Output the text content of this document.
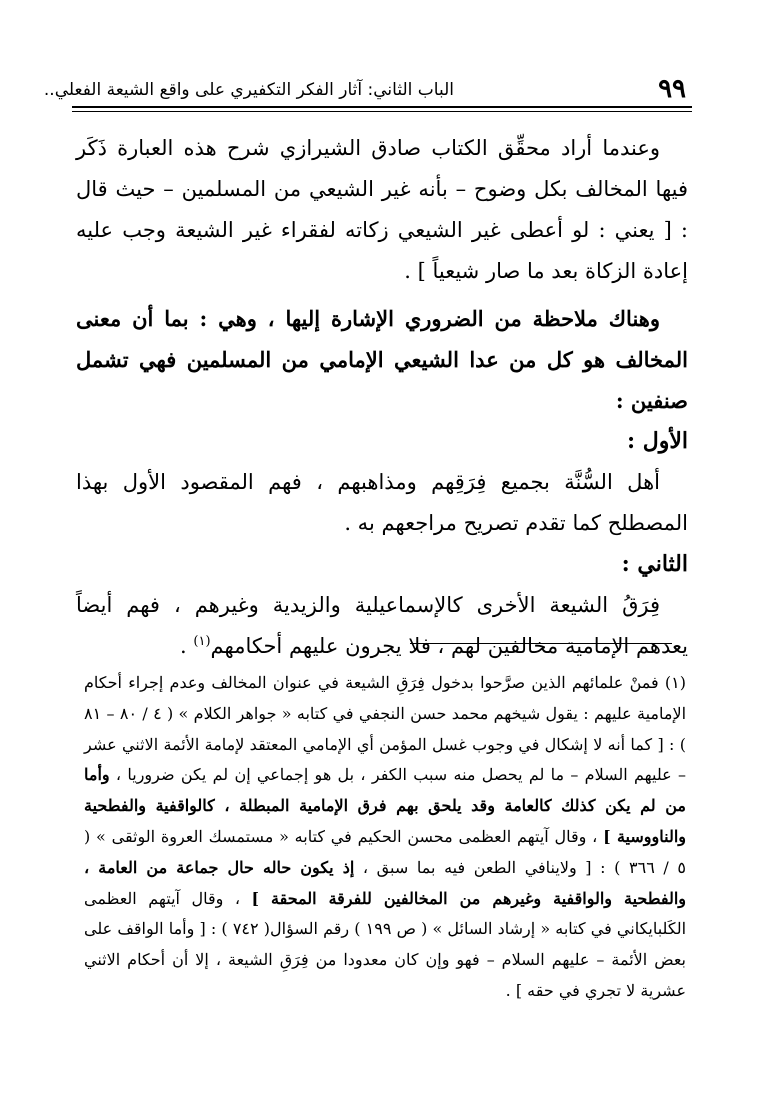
٩٩
الباب الثاني: آثار الفكر التكفيري على واقع الشيعة الفعلي..

وعندما أراد محقِّق الكتاب صادق الشيرازي شرح هذه العبارة ذَكَر فيها المخالف بكل وضوح – بأنه غير الشيعي من المسلمين – حيث قال : [ يعني : لو أعطى غير الشيعي زكاته لفقراء غير الشيعة وجب عليه إعادة الزكاة بعد ما صار شيعياً ] .

وهناك ملاحظة من الضروري الإشارة إليها ، وهي : بما أن معنى المخالف هو كل من عدا الشيعي الإمامي من المسلمين فهي تشمل صنفين :

الأول :

أهل السُّنَّة بجميع فِرَقِهم ومذاهبهم ، فهم المقصود الأول بهذا المصطلح كما تقدم تصريح مراجعهم به .

الثاني :

فِرَقُ الشيعة الأخرى كالإسماعيلية والزيدية وغيرهم ، فهم أيضاً يعدهم الإمامية مخالفين لهم ، فلا يجرون عليهم أحكامهم$^{(١)}$ .

(١) فمنْ علمائهم الذين صرَّحوا بدخول فِرَقِ الشيعة في عنوان المخالف وعدم إجراء أحكام الإمامية عليهم : يقول شيخهم محمد حسن النجفي في كتابه « جواهر الكلام » ( ٤ / ٨٠ – ٨١ ) : [ كما أنه لا إشكال في وجوب غسل المؤمن أي الإمامي المعتقد لإمامة الأئمة الاثني عشر – عليهم السلام – ما لم يحصل منه سبب الكفر ، بل هو إجماعي إن لم يكن ضروريا ، وأما من لم يكن كذلك كالعامة وقد يلحق بهم فرق الإمامية المبطلة ، كالواقفية والفطحية والناووسية ] ، وقال آيتهم العظمى محسن الحكيم في كتابه « مستمسك العروة الوثقى » ( ٥ / ٣٦٦ ) : [ ولاينافي الطعن فيه بما سبق ، إذ يكون حاله حال جماعة من العامة ، والفطحية والواقفية وغيرهم من المخالفين للفرقة المحقة ] ، وقال آيتهم العظمى الكَلبايكاني في كتابه « إرشاد السائل » ( ص ١٩٩ ) رقم السؤال( ٧٤٢ ) : [ وأما الواقف على بعض الأئمة – عليهم السلام – فهو وإن كان معدودا من فِرَقِ الشيعة ، إلا أن أحكام الاثني عشرية لا تجري في حقه ] .
